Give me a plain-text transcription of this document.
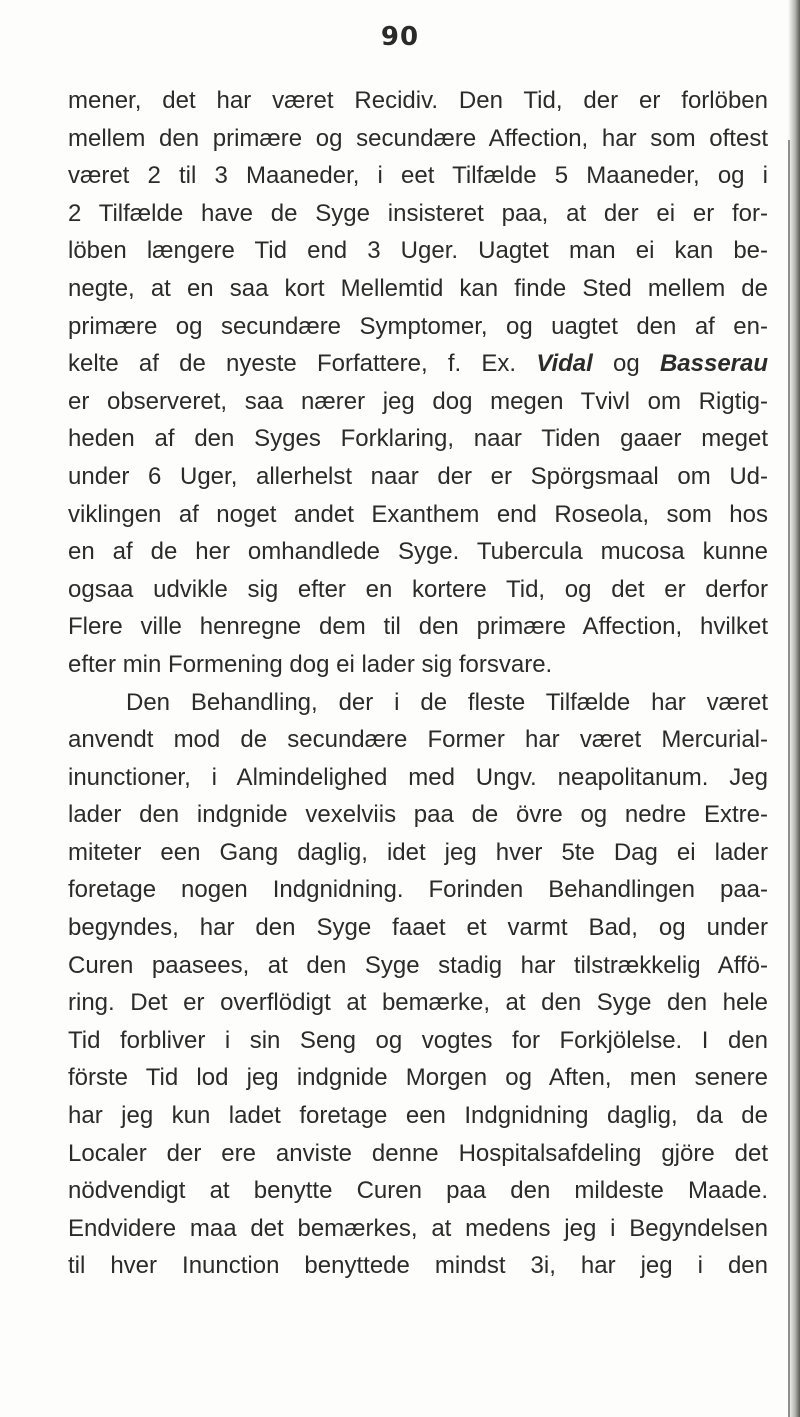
90
mener, det har været Recidiv. Den Tid, der er forlöben
mellem den primære og secundære Affection, har som oftest
været 2 til 3 Maaneder, i eet Tilfælde 5 Maaneder, og i
2 Tilfælde have de Syge insisteret paa, at der ei er for-
löben længere Tid end 3 Uger. Uagtet man ei kan be-
negte, at en saa kort Mellemtid kan finde Sted mellem de
primære og secundære Symptomer, og uagtet den af en-
kelte af de nyeste Forfattere, f. Ex. Vidal og Basserau
er observeret, saa nærer jeg dog megen Tvivl om Rigtig-
heden af den Syges Forklaring, naar Tiden gaaer meget
under 6 Uger, allerhelst naar der er Spörgsmaal om Ud-
viklingen af noget andet Exanthem end Roseola, som hos
en af de her omhandlede Syge. Tubercula mucosa kunne
ogsaa udvikle sig efter en kortere Tid, og det er derfor
Flere ville henregne dem til den primære Affection, hvilket
efter min Formening dog ei lader sig forsvare.
Den Behandling, der i de fleste Tilfælde har været
anvendt mod de secundære Former har været Mercurial-
inunctioner, i Almindelighed med Ungv. neapolitanum. Jeg
lader den indgnide vexelviis paa de övre og nedre Extre-
miteter een Gang daglig, idet jeg hver 5te Dag ei lader
foretage nogen Indgnidning. Forinden Behandlingen paa-
begyndes, har den Syge faaet et varmt Bad, og under
Curen paasees, at den Syge stadig har tilstrækkelig Affö-
ring. Det er overflödigt at bemærke, at den Syge den hele
Tid forbliver i sin Seng og vogtes for Forkjölelse. I den
förste Tid lod jeg indgnide Morgen og Aften, men senere
har jeg kun ladet foretage een Indgnidning daglig, da de
Localer der ere anviste denne Hospitalsafdeling gjöre det
nödvendigt at benytte Curen paa den mildeste Maade.
Endvidere maa det bemærkes, at medens jeg i Begyndelsen
til hver Inunction benyttede mindst 3i, har jeg i den
